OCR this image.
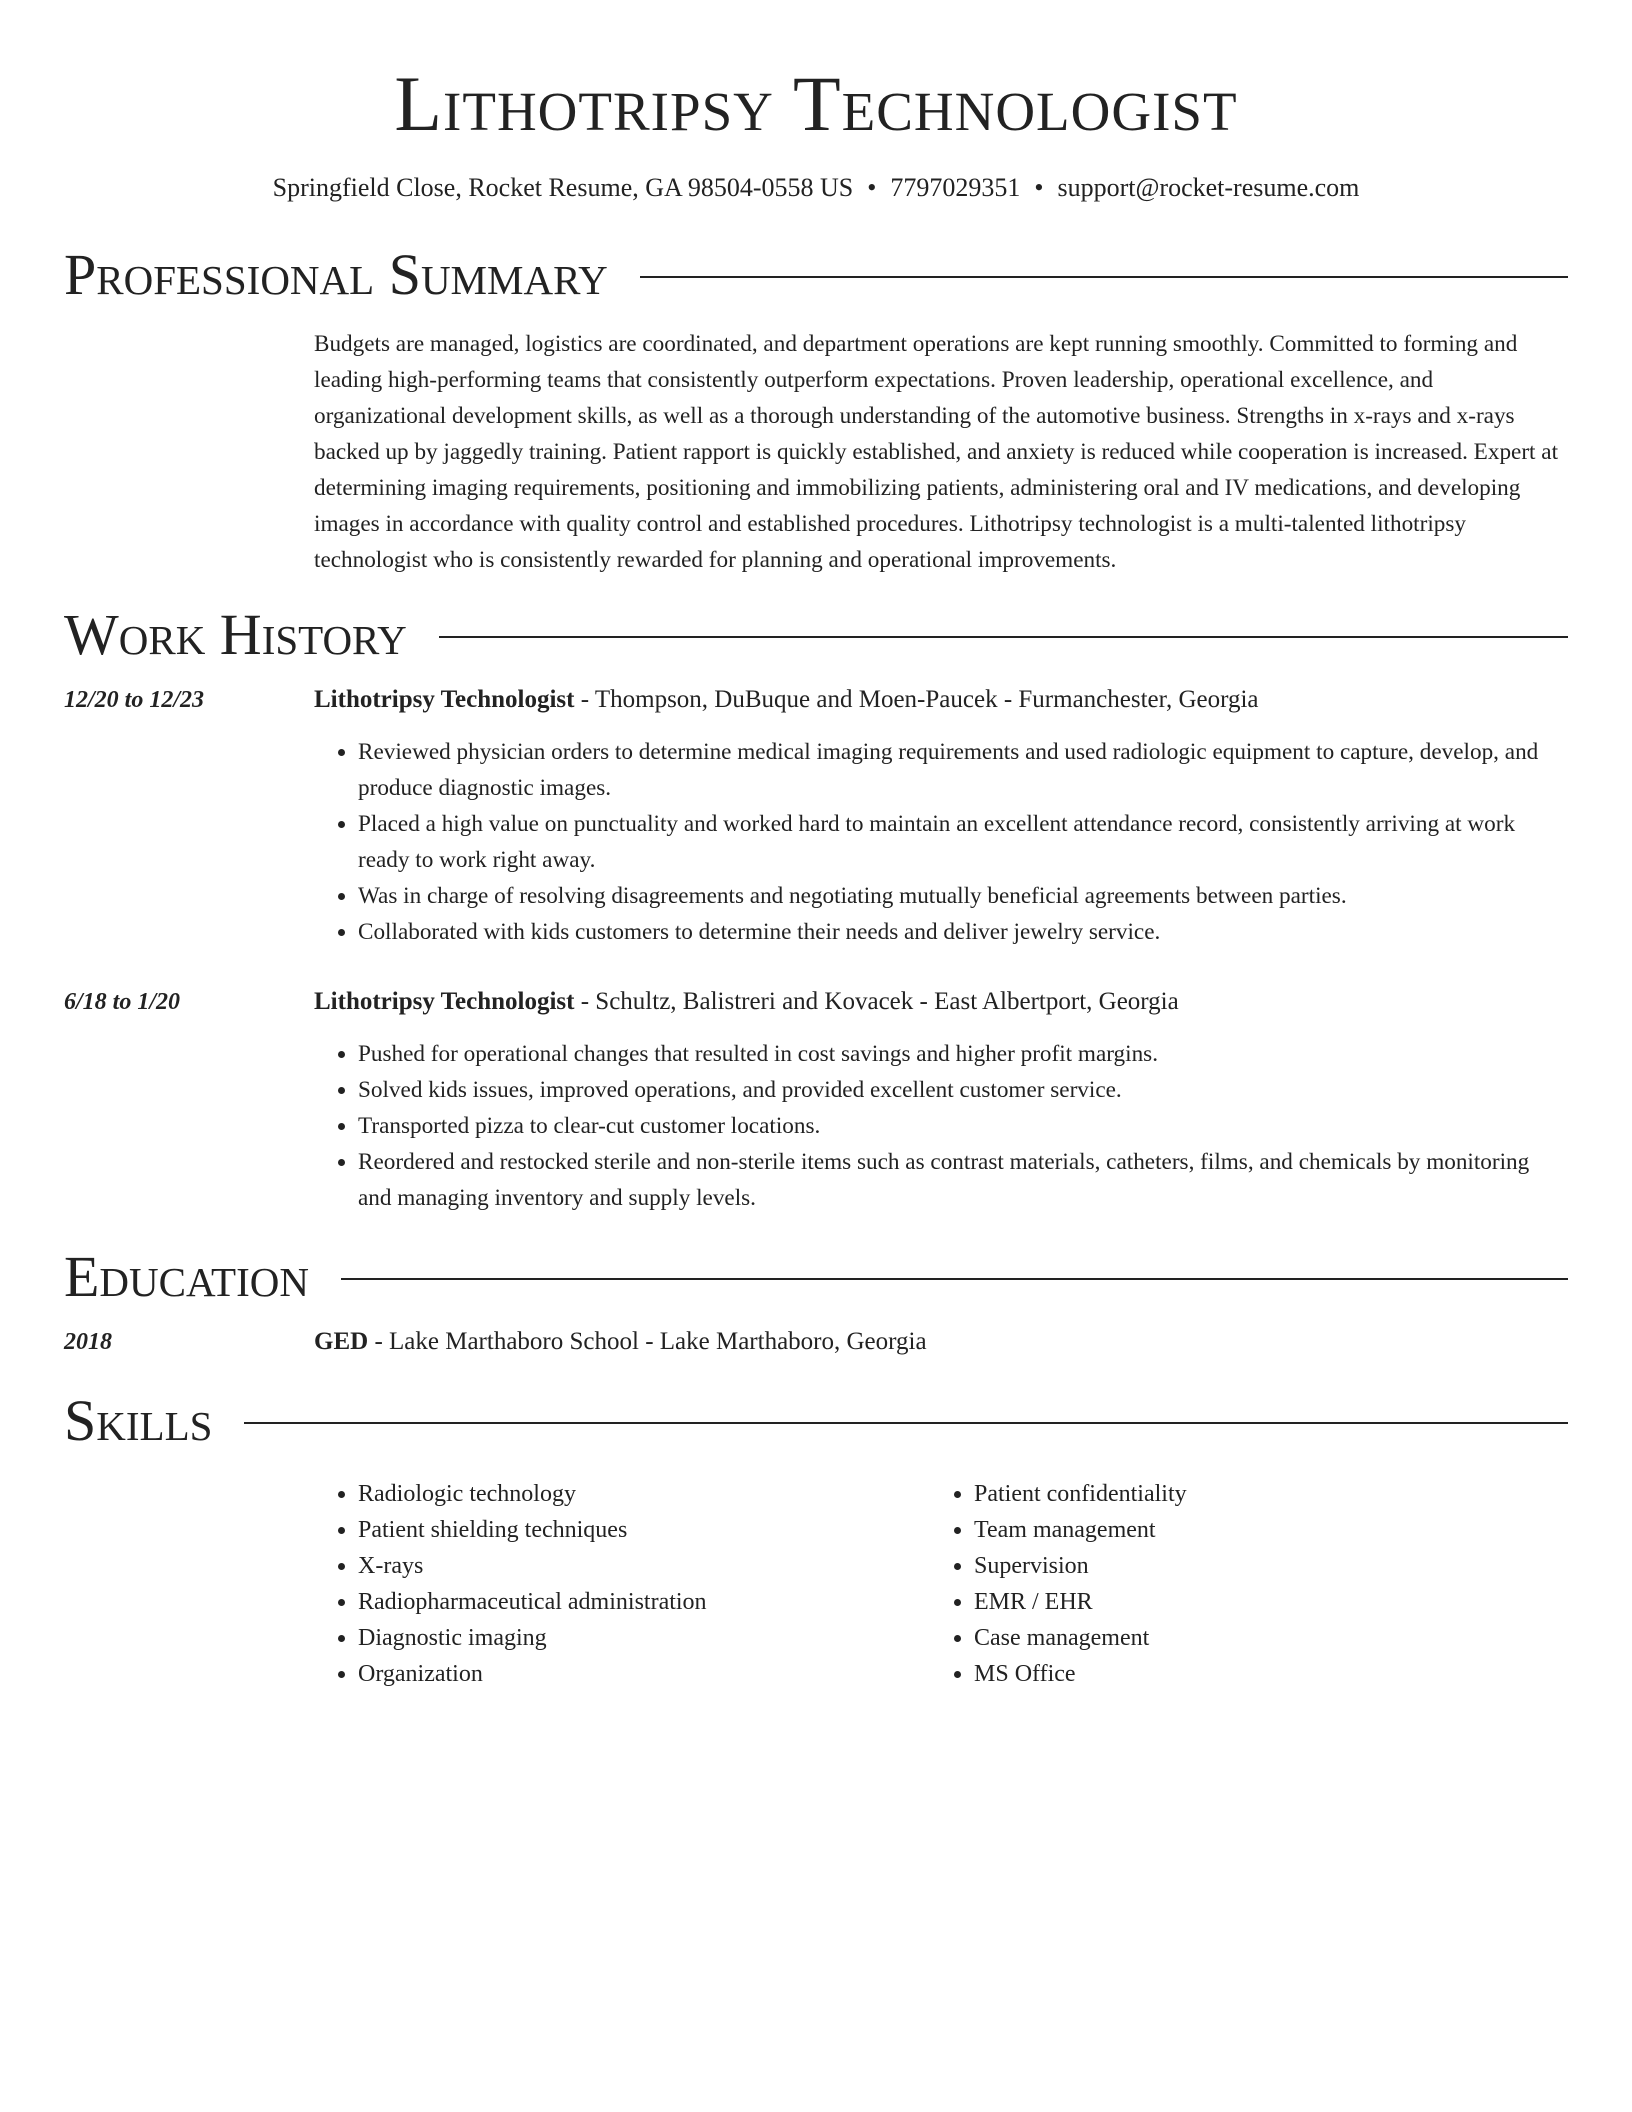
Lithotripsy Technologist
Springfield Close, Rocket Resume, GA 98504-0558 US • 7797029351 • support@rocket-resume.com
Professional Summary
Budgets are managed, logistics are coordinated, and department operations are kept running smoothly. Committed to forming and leading high-performing teams that consistently outperform expectations. Proven leadership, operational excellence, and organizational development skills, as well as a thorough understanding of the automotive business. Strengths in x-rays and x-rays backed up by jaggedly training. Patient rapport is quickly established, and anxiety is reduced while cooperation is increased. Expert at determining imaging requirements, positioning and immobilizing patients, administering oral and IV medications, and developing images in accordance with quality control and established procedures. Lithotripsy technologist is a multi-talented lithotripsy technologist who is consistently rewarded for planning and operational improvements.
Work History
12/20 to 12/23	Lithotripsy Technologist - Thompson, DuBuque and Moen-Paucek - Furmanchester, Georgia
• Reviewed physician orders to determine medical imaging requirements and used radiologic equipment to capture, develop, and produce diagnostic images.
• Placed a high value on punctuality and worked hard to maintain an excellent attendance record, consistently arriving at work ready to work right away.
• Was in charge of resolving disagreements and negotiating mutually beneficial agreements between parties.
• Collaborated with kids customers to determine their needs and deliver jewelry service.
6/18 to 1/20	Lithotripsy Technologist - Schultz, Balistreri and Kovacek - East Albertport, Georgia
• Pushed for operational changes that resulted in cost savings and higher profit margins.
• Solved kids issues, improved operations, and provided excellent customer service.
• Transported pizza to clear-cut customer locations.
• Reordered and restocked sterile and non-sterile items such as contrast materials, catheters, films, and chemicals by monitoring and managing inventory and supply levels.
Education
2018	GED - Lake Marthaboro School - Lake Marthaboro, Georgia
Skills
• Radiologic technology
• Patient shielding techniques
• X-rays
• Radiopharmaceutical administration
• Diagnostic imaging
• Organization
• Patient confidentiality
• Team management
• Supervision
• EMR / EHR
• Case management
• MS Office
